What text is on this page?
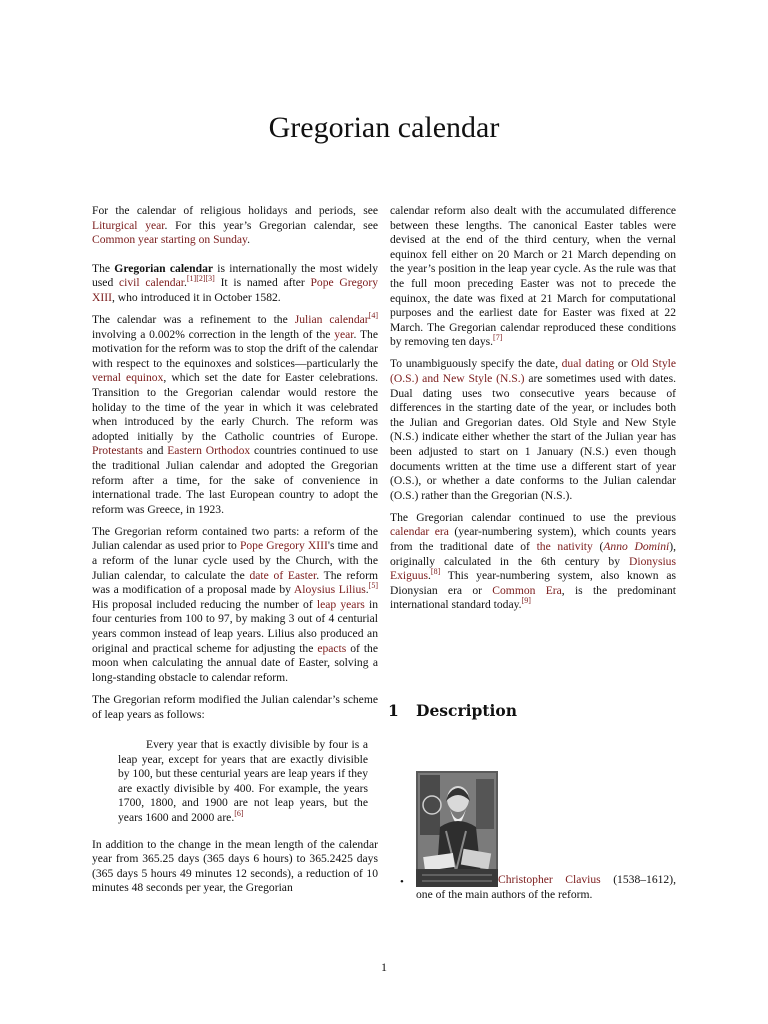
Gregorian calendar

For the calendar of religious holidays and periods, see Liturgical year. For this year’s Gregorian calendar, see Common year starting on Sunday.

The Gregorian calendar is internationally the most widely used civil calendar.[1][2][3] It is named after Pope Gregory XIII, who introduced it in October 1582.

The calendar was a refinement to the Julian calendar[4] involving a 0.002% correction in the length of the year. The motivation for the reform was to stop the drift of the calendar with respect to the equinoxes and solstices—particularly the vernal equinox, which set the date for Easter celebrations. Transition to the Gregorian calendar would restore the holiday to the time of the year in which it was celebrated when introduced by the early Church. The reform was adopted initially by the Catholic countries of Europe. Protestants and Eastern Orthodox countries continued to use the traditional Julian calendar and adopted the Gregorian reform after a time, for the sake of convenience in international trade. The last European country to adopt the reform was Greece, in 1923.

The Gregorian reform contained two parts: a reform of the Julian calendar as used prior to Pope Gregory XIII's time and a reform of the lunar cycle used by the Church, with the Julian calendar, to calculate the date of Easter. The reform was a modification of a proposal made by Aloysius Lilius.[5] His proposal included reducing the number of leap years in four centuries from 100 to 97, by making 3 out of 4 centurial years common instead of leap years. Lilius also produced an original and practical scheme for adjusting the epacts of the moon when calculating the annual date of Easter, solving a long-standing obstacle to calendar reform.

The Gregorian reform modified the Julian calendar’s scheme of leap years as follows:

Every year that is exactly divisible by four is a leap year, except for years that are exactly divisible by 100, but these centurial years are leap years if they are exactly divisible by 400. For example, the years 1700, 1800, and 1900 are not leap years, but the years 1600 and 2000 are.[6]

In addition to the change in the mean length of the calendar year from 365.25 days (365 days 6 hours) to 365.2425 days (365 days 5 hours 49 minutes 12 seconds), a reduction of 10 minutes 48 seconds per year, the Gregorian

calendar reform also dealt with the accumulated difference between these lengths. The canonical Easter tables were devised at the end of the third century, when the vernal equinox fell either on 20 March or 21 March depending on the year’s position in the leap year cycle. As the rule was that the full moon preceding Easter was not to precede the equinox, the date was fixed at 21 March for computational purposes and the earliest date for Easter was fixed at 22 March. The Gregorian calendar reproduced these conditions by removing ten days.[7]

To unambiguously specify the date, dual dating or Old Style (O.S.) and New Style (N.S.) are sometimes used with dates. Dual dating uses two consecutive years because of differences in the starting date of the year, or includes both the Julian and Gregorian dates. Old Style and New Style (N.S.) indicate either whether the start of the Julian year has been adjusted to start on 1 January (N.S.) even though documents written at the time use a different start of year (O.S.), or whether a date conforms to the Julian calendar (O.S.) rather than the Gregorian (N.S.).

The Gregorian calendar continued to use the previous calendar era (year-numbering system), which counts years from the traditional date of the nativity (Anno Domini), originally calculated in the 6th century by Dionysius Exiguus.[8] This year-numbering system, also known as Dionysian era or Common Era, is the predominant international standard today.[9]

1 Description
•	Christopher Clavius (1538–1612), one of the main authors of the reform.
1
